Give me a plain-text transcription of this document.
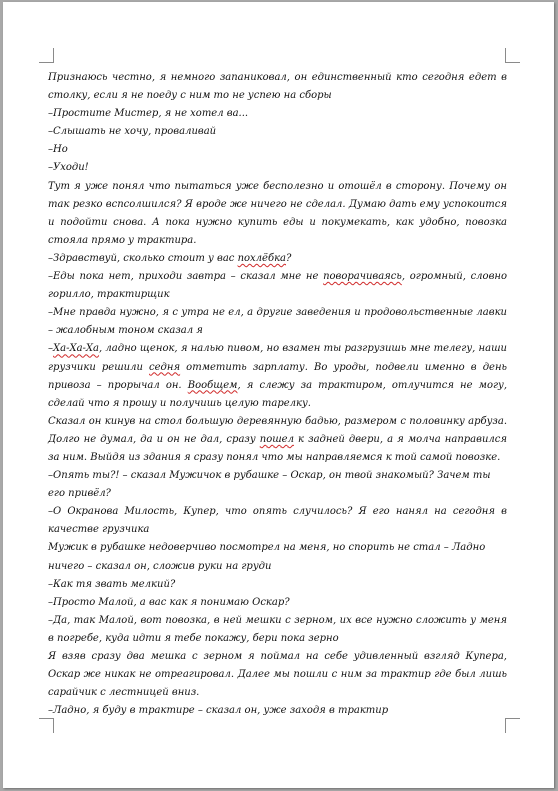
Признаюсь честно, я немного запаниковал, он единственный кто сегодня едет в столку, если я не поеду с ним то не успею на сборы

–Простите Мистер, я не хотел ва...

–Слышать не хочу, проваливай

–Но

–Уходи!

Тут я уже понял что пытаться уже бесполезно и отошёл в сторону. Почему он так резко вспсолшился? Я вроде же ничего не сделал. Думаю дать ему успокоится и подойти снова. А пока нужно купить еды и покумекать, как удобно, повозка стояла прямо у трактира.

–Здравствуй, сколько стоит у вас похлёбка?

–Еды пока нет, приходи завтра – сказал мне не поворачиваясь, огромный, словно горилло, трактирщик

–Мне правда нужно, я с утра не ел, а другие заведения и продовольственные лавки – жалобным тоном сказал я

–Ха-Ха-Ха, ладно щенок, я налью пивом, но взамен ты разгрузишь мне телегу, наши грузчики решили седня отметить зарплату. Во уроды, подвели именно в день привоза – прорычал он. Вообщем, я слежу за трактиром, отлучится не могу, сделай что я прошу и получишь целую тарелку.

Сказал он кинув на стол большую деревянную бадью, размером с половинку арбуза. Долго не думал, да и он не дал, сразу пошел к задней двери, а я молча направился за ним. Выйдя из здания я сразу понял что мы направляемся к той самой повозке.

–Опять ты?! – сказал Мужичок в рубашке – Оскар, он твой знакомый? Зачем ты его привёл?

–О Окранова Милость, Купер, что опять случилось? Я его нанял на сегодня в качестве грузчика

Мужик в рубашке недоверчиво посмотрел на меня, но спорить не стал – Ладно ничего – сказал он, сложив руки на груди

–Как тя звать мелкий?

–Просто Малой, а вас как я понимаю Оскар?

–Да, так Малой, вот повозка, в ней мешки с зерном, их все нужно сложить у меня в погребе, куда идти я тебе покажу, бери пока зерно

Я взяв сразу два мешка с зерном я поймал на себе удивленный взгляд Купера, Оскар же никак не отреагировал. Далее мы пошли с ним за трактир где был лишь сарайчик с лестницей вниз.

–Ладно, я буду в трактире – сказал он, уже заходя в трактир
